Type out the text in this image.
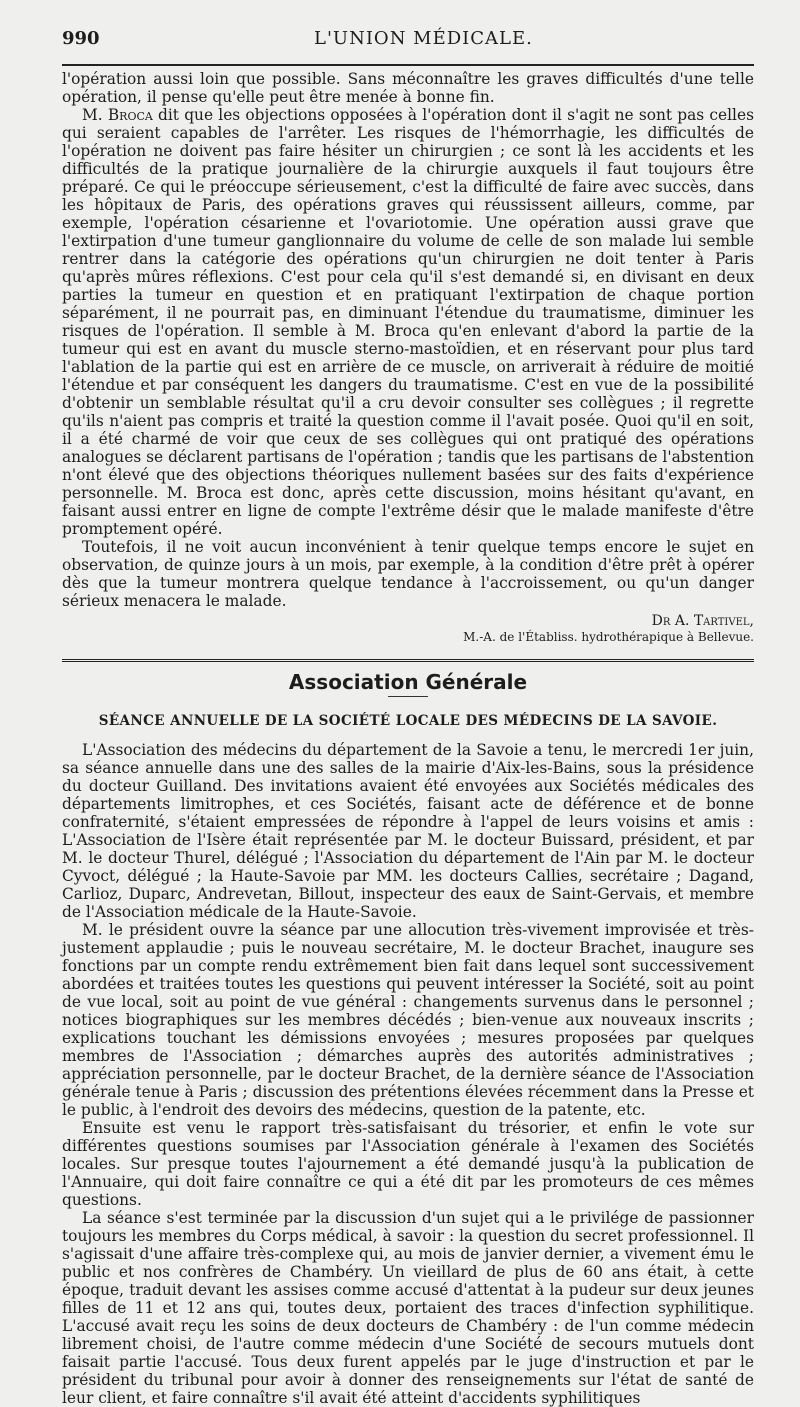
990	L'UNION MÉDICALE.

l'opération aussi loin que possible. Sans méconnaître les graves difficultés d'une telle opération, il pense qu'elle peut être menée à bonne fin.

M. Broca dit que les objections opposées à l'opération dont il s'agit ne sont pas celles qui seraient capables de l'arrêter. Les risques de l'hémorrhagie, les difficultés de l'opération ne doivent pas faire hésiter un chirurgien ; ce sont là les accidents et les difficultés de la pratique journalière de la chirurgie auxquels il faut toujours être préparé. Ce qui le préoccupe sérieusement, c'est la difficulté de faire avec succès, dans les hôpitaux de Paris, des opérations graves qui réussissent ailleurs, comme, par exemple, l'opération césarienne et l'ovariotomie. Une opération aussi grave que l'extirpation d'une tumeur ganglionnaire du volume de celle de son malade lui semble rentrer dans la catégorie des opérations qu'un chirurgien ne doit tenter à Paris qu'après mûres réflexions. C'est pour cela qu'il s'est demandé si, en divisant en deux parties la tumeur en question et en pratiquant l'extirpation de chaque portion séparément, il ne pourrait pas, en diminuant l'étendue du traumatisme, diminuer les risques de l'opération. Il semble à M. Broca qu'en enlevant d'abord la partie de la tumeur qui est en avant du muscle sterno-mastoïdien, et en réservant pour plus tard l'ablation de la partie qui est en arrière de ce muscle, on arriverait à réduire de moitié l'étendue et par conséquent les dangers du traumatisme. C'est en vue de la possibilité d'obtenir un semblable résultat qu'il a cru devoir consulter ses collègues ; il regrette qu'ils n'aient pas compris et traité la question comme il l'avait posée. Quoi qu'il en soit, il a été charmé de voir que ceux de ses collègues qui ont pratiqué des opérations analogues se déclarent partisans de l'opération ; tandis que les partisans de l'abstention n'ont élevé que des objections théoriques nullement basées sur des faits d'expérience personnelle. M. Broca est donc, après cette discussion, moins hésitant qu'avant, en faisant aussi entrer en ligne de compte l'extrême désir que le malade manifeste d'être promptement opéré.

Toutefois, il ne voit aucun inconvénient à tenir quelque temps encore le sujet en observation, de quinze jours à un mois, par exemple, à la condition d'être prêt à opérer dès que la tumeur montrera quelque tendance à l'accroissement, ou qu'un danger sérieux menacera le malade.

Dr A. Tartivel,
M.-A. de l'Établiss. hydrothérapique à Bellevue.
Association Générale
SÉANCE ANNUELLE DE LA SOCIÉTÉ LOCALE DES MÉDECINS DE LA SAVOIE.

L'Association des médecins du département de la Savoie a tenu, le mercredi 1er juin, sa séance annuelle dans une des salles de la mairie d'Aix-les-Bains, sous la présidence du docteur Guilland. Des invitations avaient été envoyées aux Sociétés médicales des départements limitrophes, et ces Sociétés, faisant acte de déférence et de bonne confraternité, s'étaient empressées de répondre à l'appel de leurs voisins et amis : L'Association de l'Isère était représentée par M. le docteur Buissard, président, et par M. le docteur Thurel, délégué ; l'Association du département de l'Ain par M. le docteur Cyvoct, délégué ; la Haute-Savoie par MM. les docteurs Callies, secrétaire ; Dagand, Carlioz, Duparc, Andrevetan, Billout, inspecteur des eaux de Saint-Gervais, et membre de l'Association médicale de la Haute-Savoie.

M. le président ouvre la séance par une allocution très-vivement improvisée et très-justement applaudie ; puis le nouveau secrétaire, M. le docteur Brachet, inaugure ses fonctions par un compte rendu extrêmement bien fait dans lequel sont successivement abordées et traitées toutes les questions qui peuvent intéresser la Société, soit au point de vue local, soit au point de vue général : changements survenus dans le personnel ; notices biographiques sur les membres décédés ; bien-venue aux nouveaux inscrits ; explications touchant les démissions envoyées ; mesures proposées par quelques membres de l'Association ; démarches auprès des autorités administratives ; appréciation personnelle, par le docteur Brachet, de la dernière séance de l'Association générale tenue à Paris ; discussion des prétentions élevées récemment dans la Presse et le public, à l'endroit des devoirs des médecins, question de la patente, etc.

Ensuite est venu le rapport très-satisfaisant du trésorier, et enfin le vote sur différentes questions soumises par l'Association générale à l'examen des Sociétés locales. Sur presque toutes l'ajournement a été demandé jusqu'à la publication de l'Annuaire, qui doit faire connaître ce qui a été dit par les promoteurs de ces mêmes questions.

La séance s'est terminée par la discussion d'un sujet qui a le privilége de passionner toujours les membres du Corps médical, à savoir : la question du secret professionnel. Il s'agissait d'une affaire très-complexe qui, au mois de janvier dernier, a vivement ému le public et nos confrères de Chambéry. Un vieillard de plus de 60 ans était, à cette époque, traduit devant les assises comme accusé d'attentat à la pudeur sur deux jeunes filles de 11 et 12 ans qui, toutes deux, portaient des traces d'infection syphilitique. L'accusé avait reçu les soins de deux docteurs de Chambéry : de l'un comme médecin librement choisi, de l'autre comme médecin d'une Société de secours mutuels dont faisait partie l'accusé. Tous deux furent appelés par le juge d'instruction et par le président du tribunal pour avoir à donner des renseignements sur l'état de santé de leur client, et faire connaître s'il avait été atteint d'accidents syphilitiques
